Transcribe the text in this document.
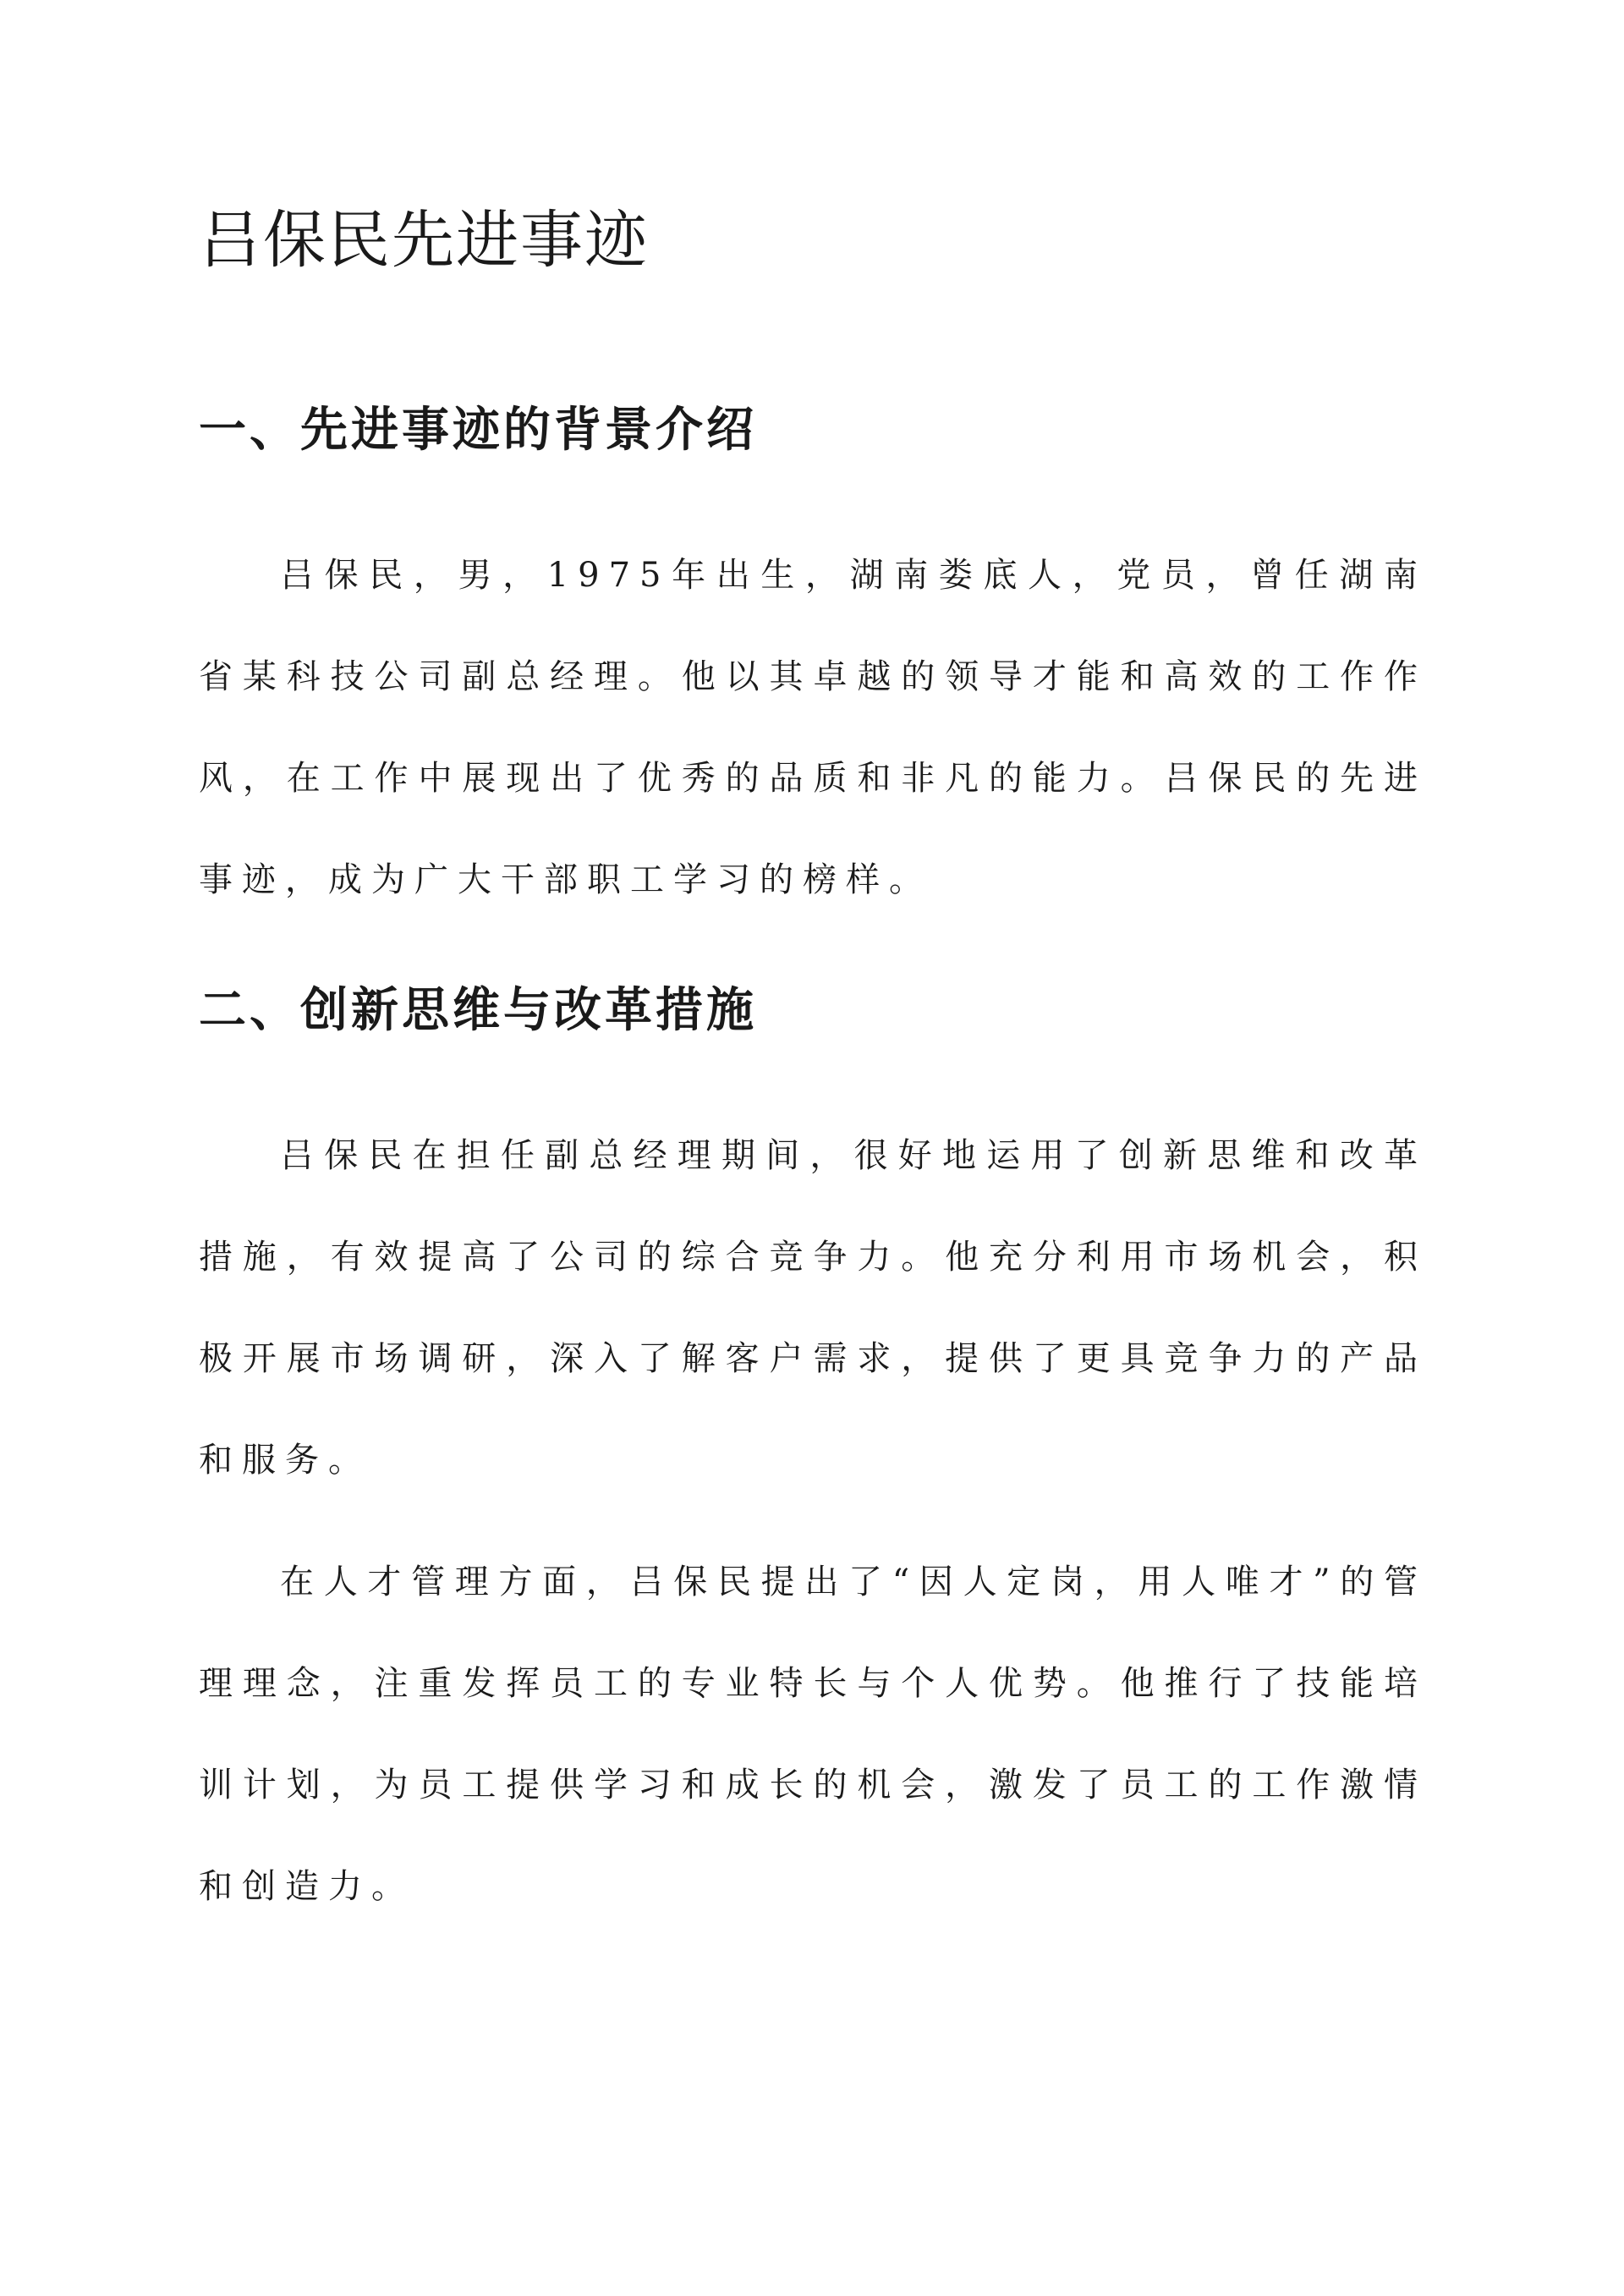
吕保民先进事迹
一、先进事迹的背景介绍

吕保民，男，1975年出生，湖南娄底人，党员，曾任湖南省某科技公司副总经理。他以其卓越的领导才能和高效的工作作风，在工作中展现出了优秀的品质和非凡的能力。吕保民的先进事迹，成为广大干部职工学习的榜样。

二、创新思维与改革措施

吕保民在担任副总经理期间，很好地运用了创新思维和改革措施，有效提高了公司的综合竞争力。他充分利用市场机会，积极开展市场调研，深入了解客户需求，提供了更具竞争力的产品和服务。

在人才管理方面，吕保民提出了“因人定岗，用人唯才”的管理理念，注重发挥员工的专业特长与个人优势。他推行了技能培训计划，为员工提供学习和成长的机会，激发了员工的工作激情和创造力。
